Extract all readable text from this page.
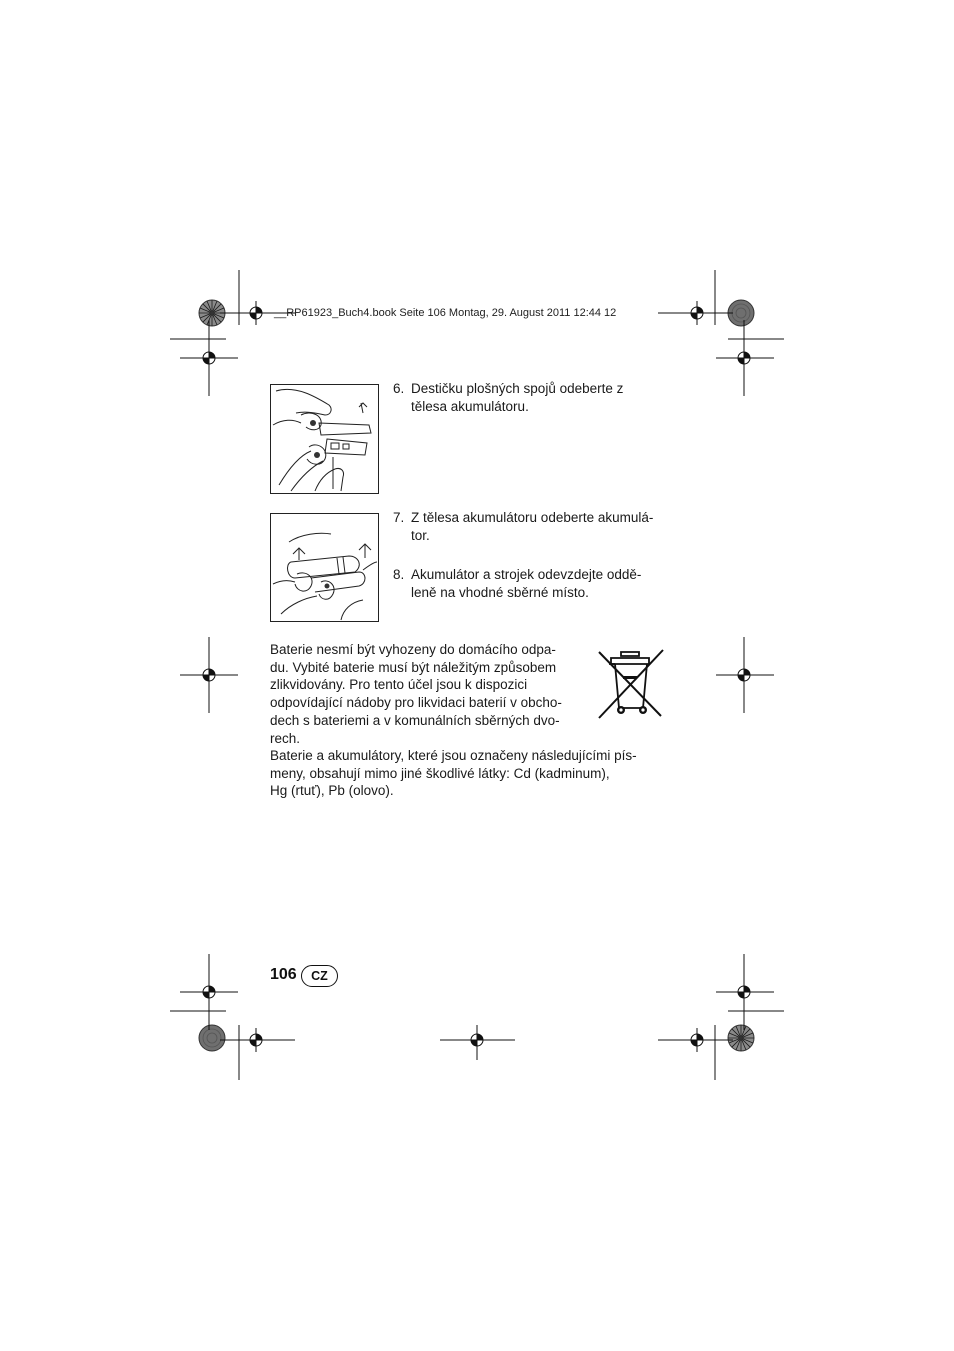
__RP61923_Buch4.book Seite 106 Montag, 29. August 2011 12:44 12
6. Destičku plošných spojů odeberte z
tělesa akumulátoru.
7. Z tělesa akumulátoru odeberte akumulá-
tor.
8. Akumulátor a strojek odevzdejte oddě-
leně na vhodné sběrné místo.
Baterie nesmí být vyhozeny do domácího odpa-
du. Vybité baterie musí být náležitým způsobem
zlikvidovány. Pro tento účel jsou k dispozici
odpovídající nádoby pro likvidaci baterií v obcho-
dech s bateriemi a v komunálních sběrných dvo-
rech.
Baterie a akumulátory, které jsou označeny následujícími pís-
meny, obsahují mimo jiné škodlivé látky: Cd (kadminum),
Hg (rtuť), Pb (olovo).
106	CZ
